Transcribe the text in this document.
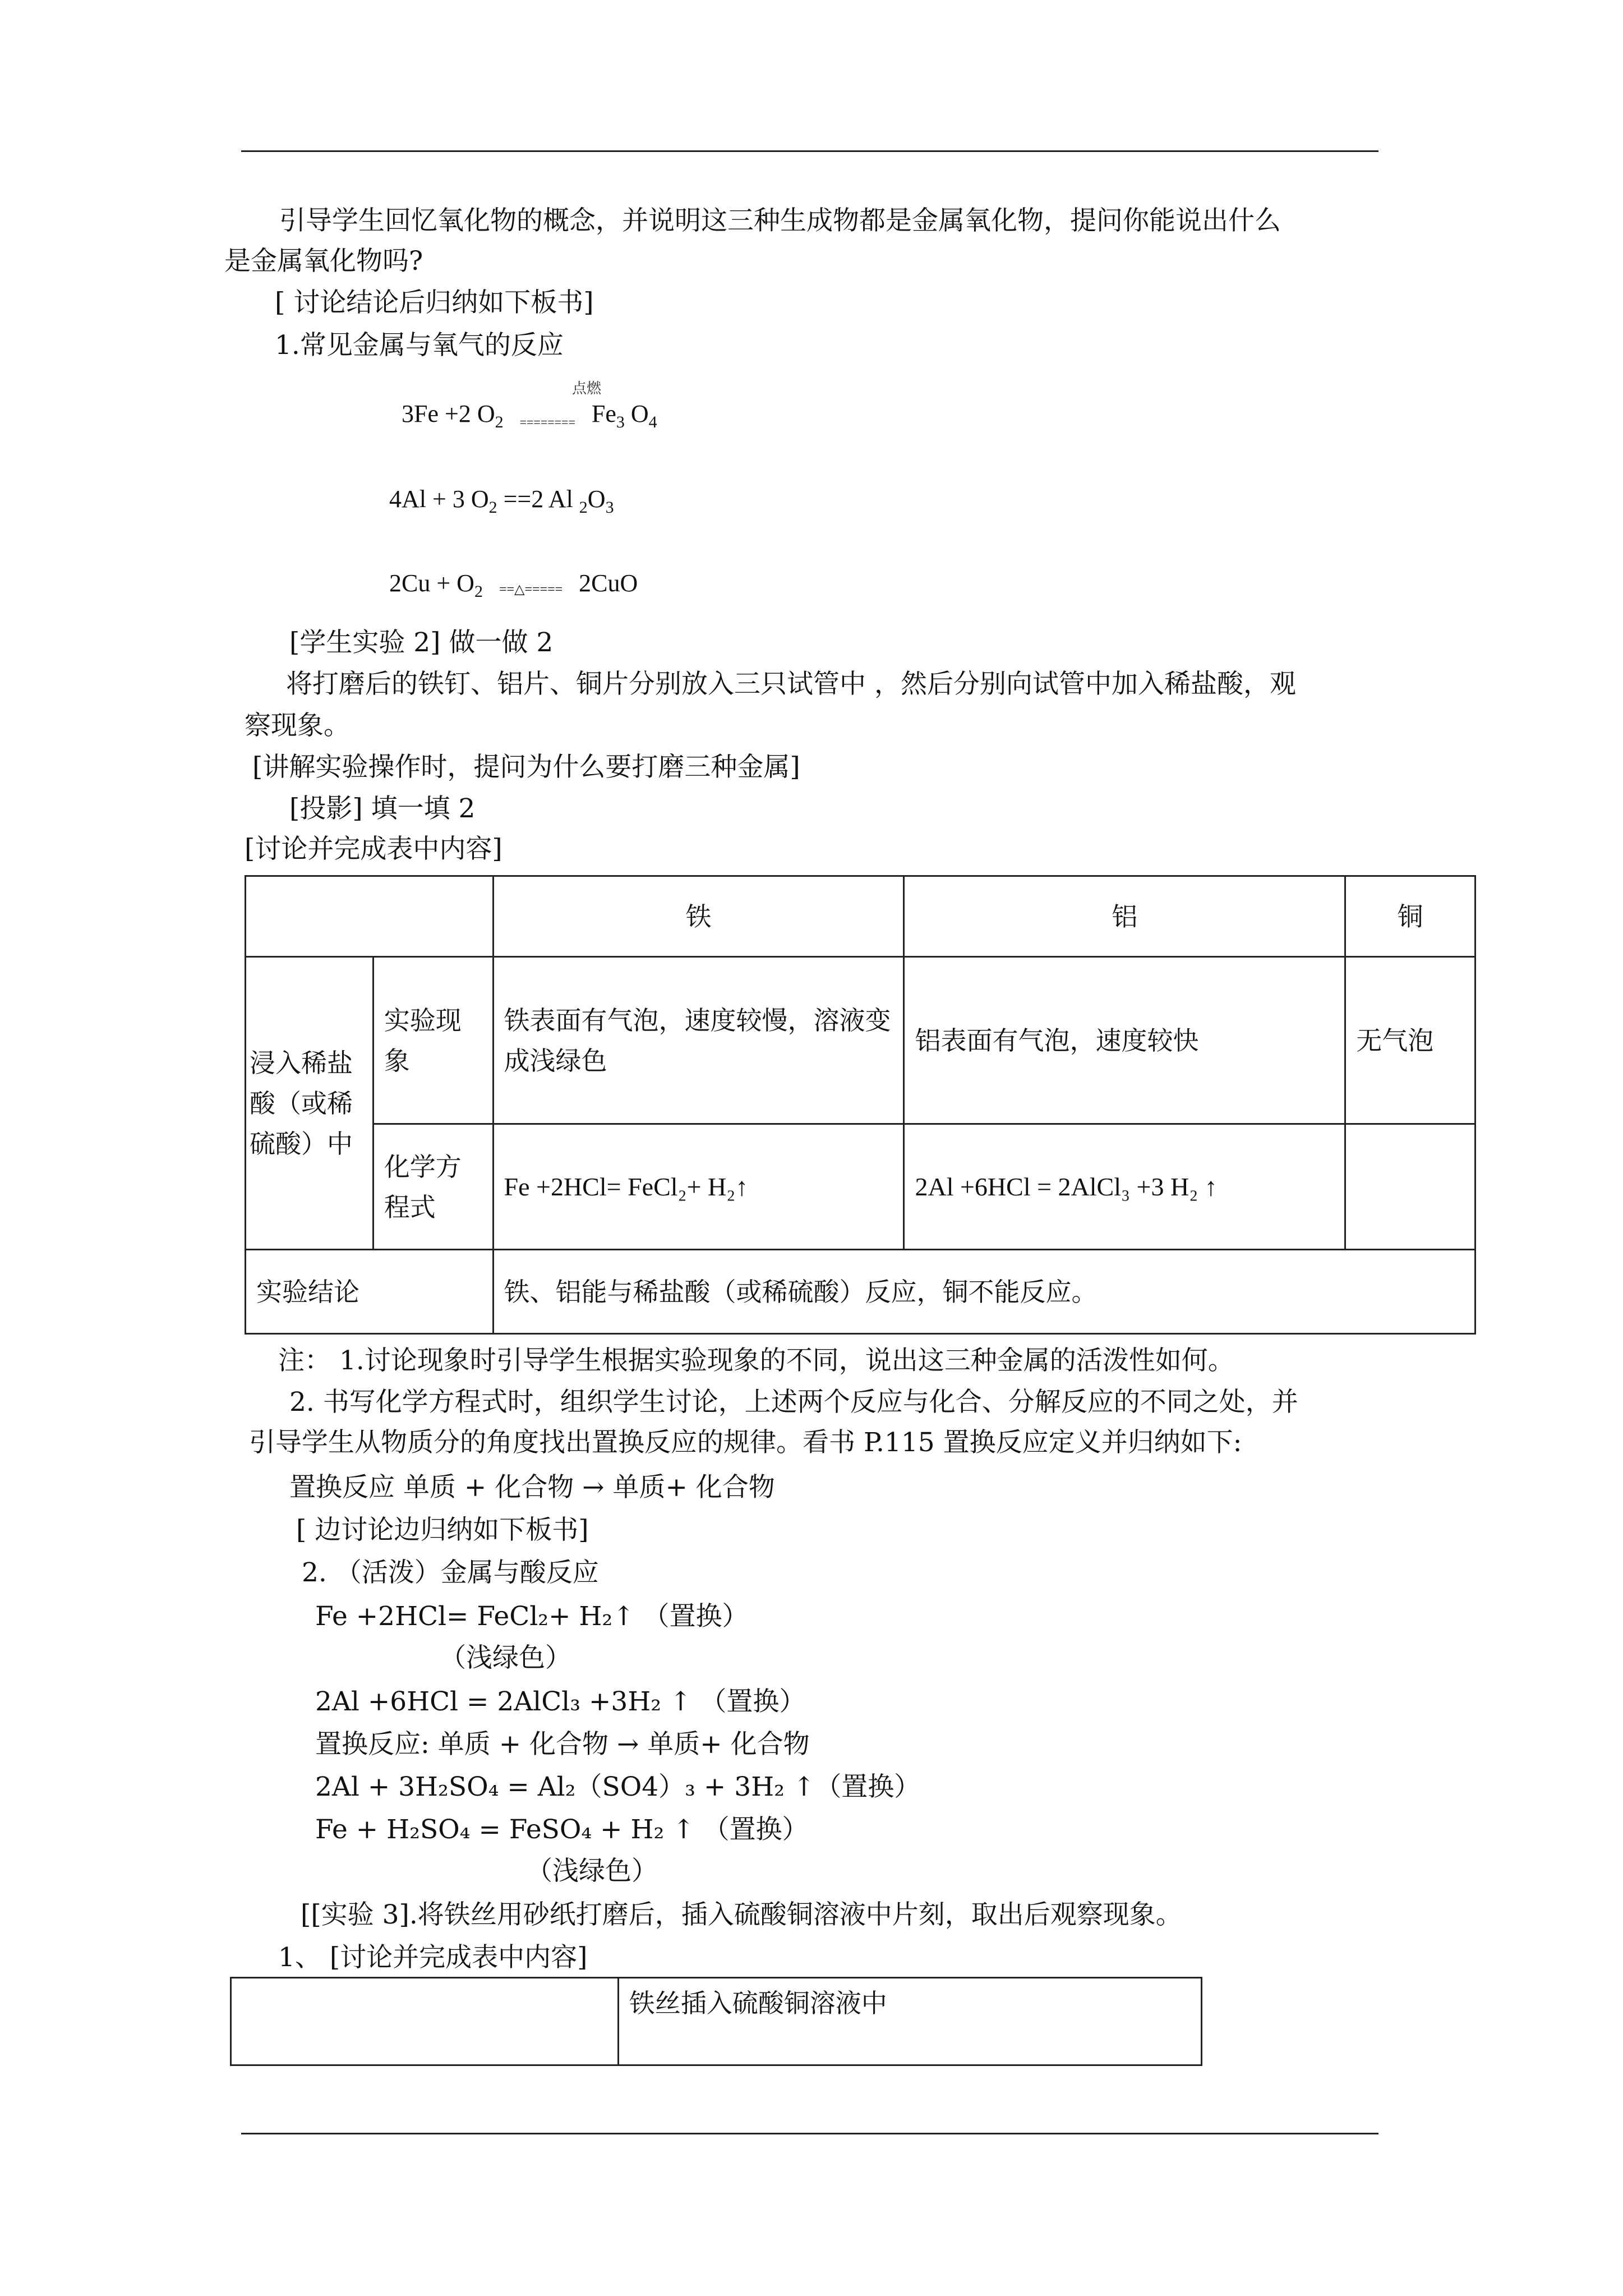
引导学生回忆氧化物的概念，并说明这三种生成物都是金属氧化物，提问你能说出什么
是金属氧化物吗?
[ 讨论结论后归纳如下板书]
1.常见金属与氧气的反应
点燃
3Fe +2 $O_2$ ======== $Fe_3$ $O_4$
4Al + 3 $O_2 ==2$ Al $_2O_3$
$2Cu + O_2$ ==△===== 2CuO
[学生实验 2] 做一做 2
将打磨后的铁钉、铝片、铜片分别放入三只试管中 ，然后分别向试管中加入稀盐酸，观
察现象。
[讲解实验操作时，提问为什么要打磨三种金属]
[投影] 填一填 2
[讨论并完成表中内容]
		铁	铝	铜
浸入稀盐酸（或稀硫酸）中	实验现象	铁表面有气泡，速度较慢，溶液变成浅绿色	铝表面有气泡，速度较快	无气泡
	化学方程式	Fe +2HCl= FeCl₂+ H₂↑	2Al +6HCl = 2AlCl₃ +3 H₂ ↑	
实验结论		铁、铝能与稀盐酸（或稀硫酸）反应，铜不能反应。		
注： 1.讨论现象时引导学生根据实验现象的不同，说出这三种金属的活泼性如何。
2. 书写化学方程式时，组织学生讨论，上述两个反应与化合、分解反应的不同之处，并
引导学生从物质分的角度找出置换反应的规律。看书 P.115 置换反应定义并归纳如下:
置换反应 单质 + 化合物 → 单质+ 化合物
[ 边讨论边归纳如下板书]
2. （活泼）金属与酸反应
Fe +2HCl= FeCl₂+ H₂↑ （置换）
（浅绿色）
2Al +6HCl = 2AlCl₃ +3H₂ ↑ （置换）
置换反应: 单质 + 化合物 → 单质+ 化合物
2Al + 3H₂SO₄ = Al₂（SO4）₃ + 3H₂ ↑（置换）
Fe + H₂SO₄ = FeSO₄ + H₂ ↑ （置换）
（浅绿色）
[[实验 3].将铁丝用砂纸打磨后，插入硫酸铜溶液中片刻，取出后观察现象。
1、 [讨论并完成表中内容]
	铁丝插入硫酸铜溶液中
